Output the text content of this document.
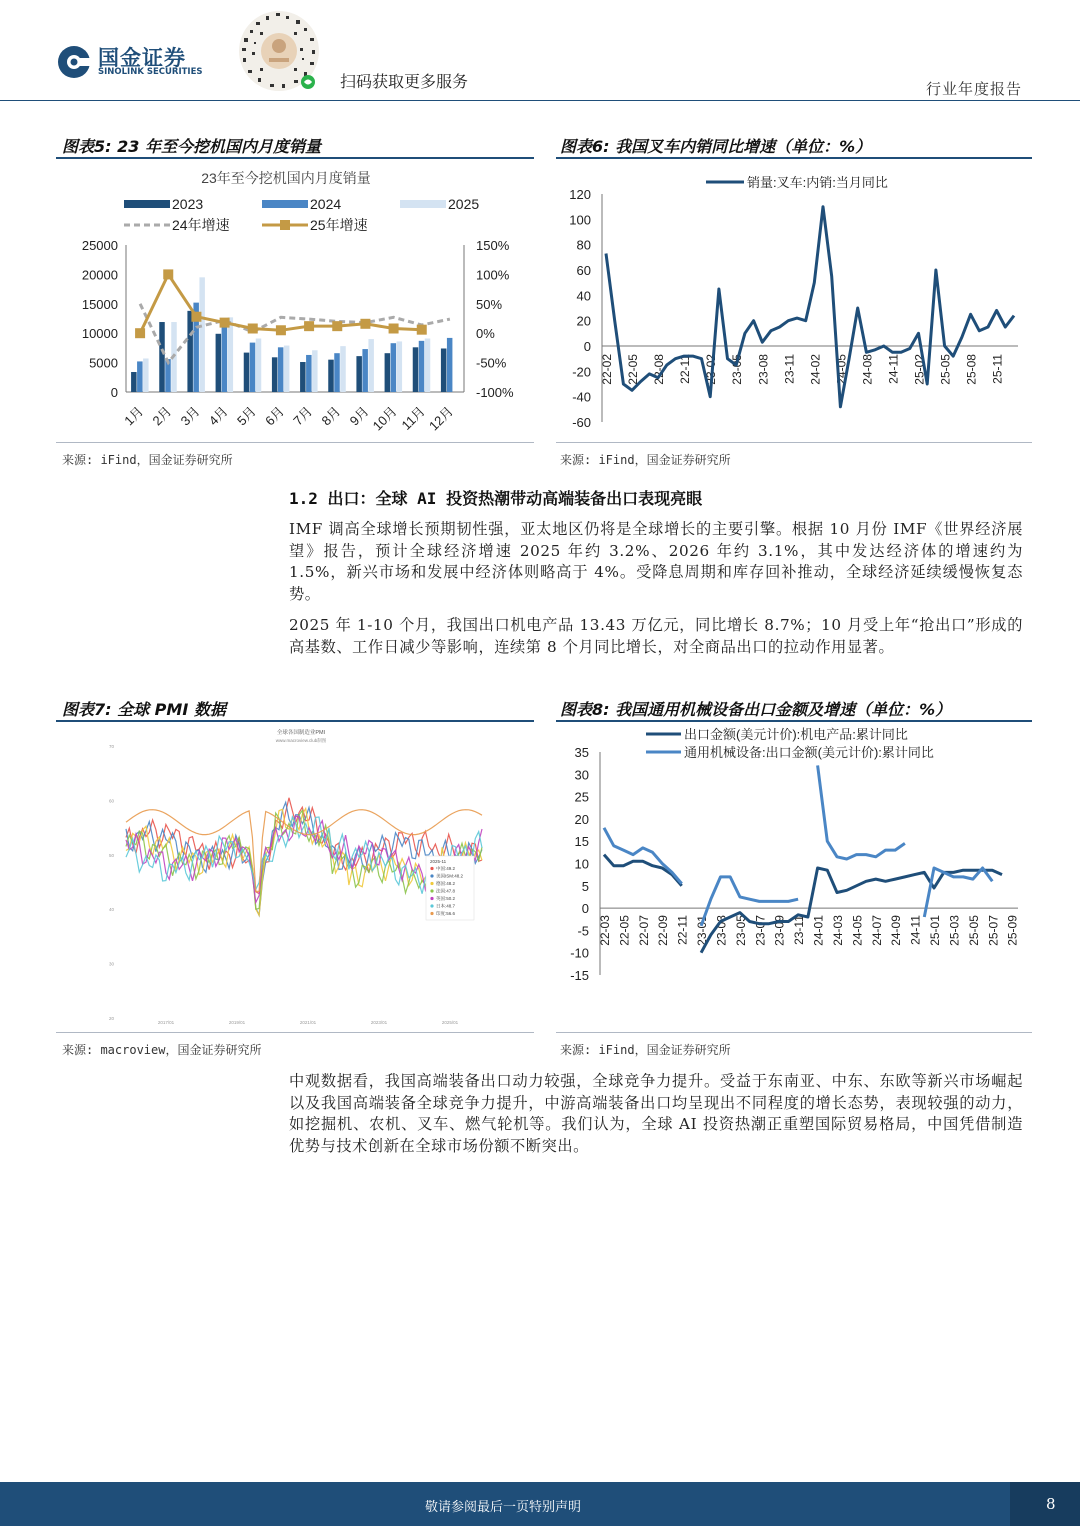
国金证券
SINOLINK SECURITIES	扫码获取更多服务	行业年度报告
图表5: 23 年至今挖机国内月度销量
23年至今挖机国内月度销量
2023	2024	2025
24年增速	25年增速
0
5000
10000
15000
20000
25000
-100%
-50%
0%
50%
100%
150%
1月 2月 3月 4月 5月 6月 7月 8月 9月
10月
11月
12月
来源: iFind，国金证券研究所
图表6: 我国叉车内销同比增速（单位：%）
销量:叉车:内销:当月同比
-60
-40
-20
0
20
40
60
80
100
120
22-02 22-05 22-08 22-11 23-02 23-05 23-08 23-11 24-02 24-05 24-08 24-11 25-02 25-05 25-08 25-11
来源: iFind，国金证券研究所
1.2 出口：全球 AI 投资热潮带动高端装备出口表现亮眼

IMF 调高全球增长预期韧性强，亚太地区仍将是全球增长的主要引擎。根据 10 月份 IMF《世界经济展望》报告，预计全球经济增速 2025 年约 3.2%、2026 年约 3.1%，其中发达经济体的增速约为 1.5%，新兴市场和发展中经济体则略高于 4%。受降息周期和库存回补推动，全球经济延续缓慢恢复态势。

2025 年 1-10 个月，我国出口机电产品 13.43 万亿元，同比增长 8.7%；10 月受上年“抢出口”形成的高基数、工作日减少等影响，连续第 8 个月同比增长，对全商品出口的拉动作用显著。

图表7: 全球 PMI 数据
全球各国制造业PMI
www.macroview.club制图
70
60
50
40
30
20
2017/01	2019/01	2021/01	2023/01	2025/01
2025-11
中国:49.2
美国ISM:48.2
德国:48.2
法国:47.8
英国:50.2
日本:48.7
印度:56.6
来源: macroview，国金证券研究所
图表8: 我国通用机械设备出口金额及增速（单位：%）
出口金额(美元计价):机电产品:累计同比
通用机械设备:出口金额(美元计价):累计同比
-15
-10
-5
0
5
10
15
20
25
30
35
22-03 22-05 22-07 22-09 22-11 23-01 23-03 23-05 23-07 23-09 23-11 24-01 24-03 24-05 24-07 24-09 24-11 25-01 25-03 25-05 25-07 25-09
来源: iFind，国金证券研究所
中观数据看，我国高端装备出口动力较强，全球竞争力提升。受益于东南亚、中东、东欧等新兴市场崛起以及我国高端装备全球竞争力提升，中游高端装备出口均呈现出不同程度的增长态势，表现较强的动力，如挖掘机、农机、叉车、燃气轮机等。我们认为，全球 AI 投资热潮正重塑国际贸易格局，中国凭借制造优势与技术创新在全球市场份额不断突出。
敬请参阅最后一页特别声明	8
